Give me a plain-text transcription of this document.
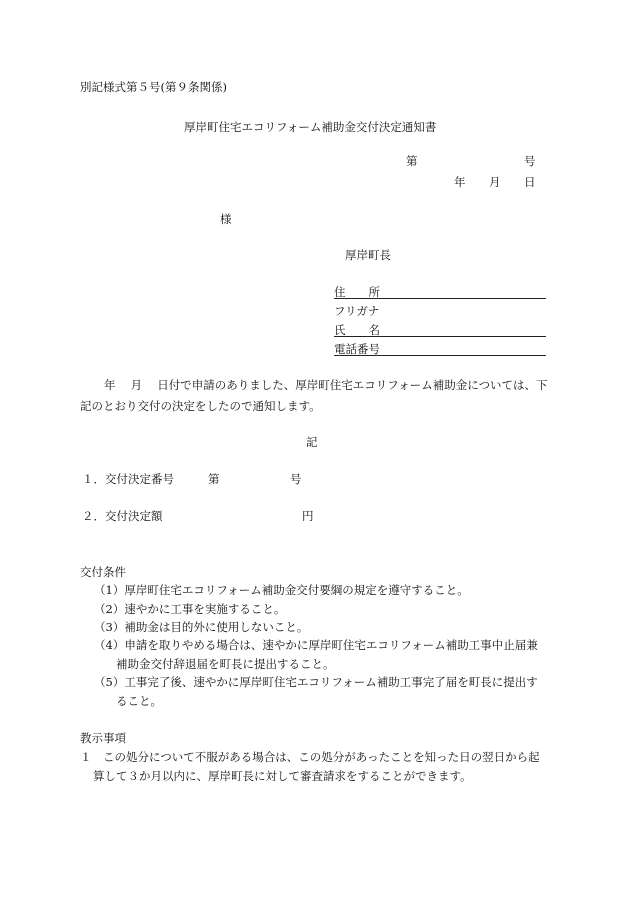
別記様式第５号(第９条関係)
厚岸町住宅エコリフォーム補助金交付決定通知書
第	号
年 月 日
様
厚岸町長
住　　所
フリガナ
氏　　名
電話番号
年　 月　 日付で申請のありました、厚岸町住宅エコリフォーム補助金については、下
記のとおり交付の決定をしたので通知します。
記
１．交付決定番号	第	号
２．交付決定額	円
交付条件
（1）厚岸町住宅エコリフォーム補助金交付要綱の規定を遵守すること。
（2）速やかに工事を実施すること。
（3）補助金は目的外に使用しないこと。
（4）申請を取りやめる場合は、速やかに厚岸町住宅エコリフォーム補助工事中止届兼
補助金交付辞退届を町長に提出すること。
（5）工事完了後、速やかに厚岸町住宅エコリフォーム補助工事完了届を町長に提出す
ること。
教示事項
１　この処分について不服がある場合は、この処分があったことを知った日の翌日から起
算して３か月以内に、厚岸町長に対して審査請求をすることができます。
